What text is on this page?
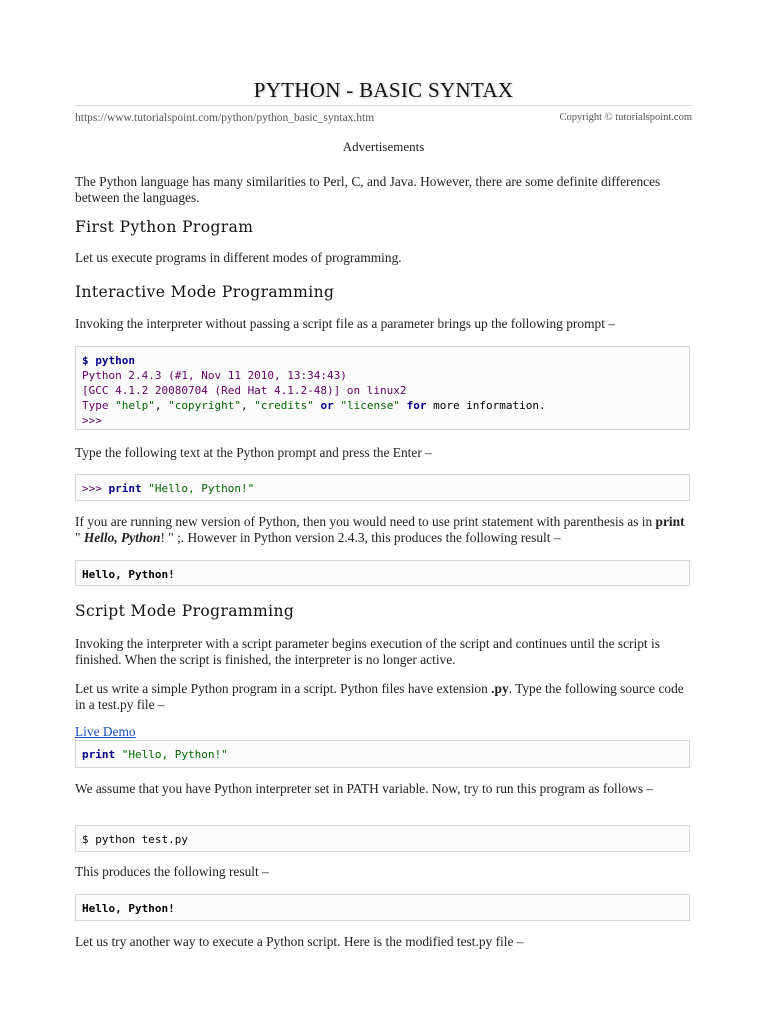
PYTHON - BASIC SYNTAX
https://www.tutorialspoint.com/python/python_basic_syntax.htm	Copyright © tutorialspoint.com
Advertisements

The Python language has many similarities to Perl, C, and Java. However, there are some definite differences between the languages.

First Python Program

Let us execute programs in different modes of programming.

Interactive Mode Programming

Invoking the interpreter without passing a script file as a parameter brings up the following prompt –

$ python
Python 2.4.3 (#1, Nov 11 2010, 13:34:43)
[GCC 4.1.2 20080704 (Red Hat 4.1.2-48)] on linux2
Type "help", "copyright", "credits" or "license" for more information.
>>>

Type the following text at the Python prompt and press the Enter –

>>> print "Hello, Python!"

If you are running new version of Python, then you would need to use print statement with parenthesis as in print " Hello, Python! " ;. However in Python version 2.4.3, this produces the following result –

Hello, Python!
Script Mode Programming

Invoking the interpreter with a script parameter begins execution of the script and continues until the script is finished. When the script is finished, the interpreter is no longer active.

Let us write a simple Python program in a script. Python files have extension .py. Type the following source code in a test.py file –

Live Demo
print "Hello, Python!"

We assume that you have Python interpreter set in PATH variable. Now, try to run this program as follows –

$ python test.py

This produces the following result –

Hello, Python!

Let us try another way to execute a Python script. Here is the modified test.py file –
